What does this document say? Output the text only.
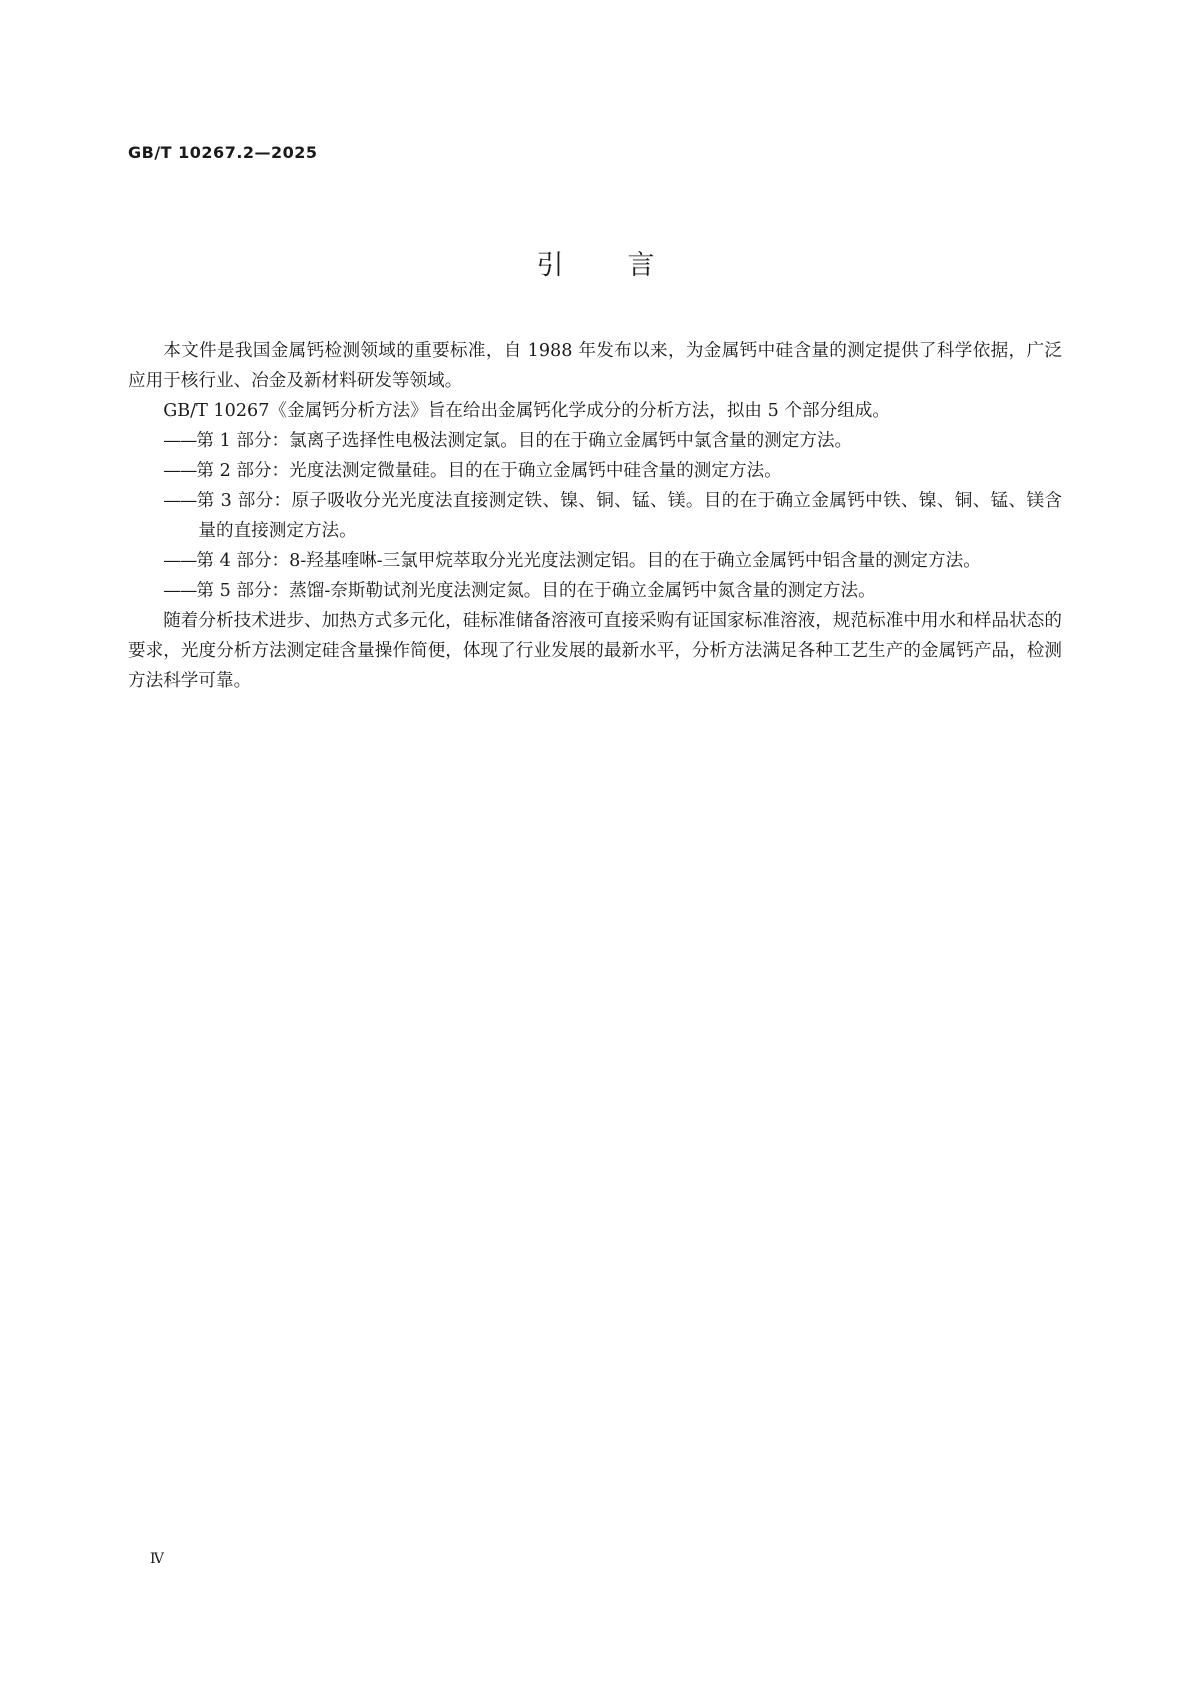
GB/T 10267.2—2025
引言

本文件是我国金属钙检测领域的重要标准，自 1988 年发布以来，为金属钙中硅含量的测定提供了科学依据，广泛应用于核行业、冶金及新材料研发等领域。

GB/T 10267《金属钙分析方法》旨在给出金属钙化学成分的分析方法，拟由 5 个部分组成。

——第 1 部分：氯离子选择性电极法测定氯。目的在于确立金属钙中氯含量的测定方法。

——第 2 部分：光度法测定微量硅。目的在于确立金属钙中硅含量的测定方法。

——第 3 部分：原子吸收分光光度法直接测定铁、镍、铜、锰、镁。目的在于确立金属钙中铁、镍、铜、锰、镁含量的直接测定方法。

——第 4 部分：8-羟基喹啉-三氯甲烷萃取分光光度法测定铝。目的在于确立金属钙中铝含量的测定方法。

——第 5 部分：蒸馏-奈斯勒试剂光度法测定氮。目的在于确立金属钙中氮含量的测定方法。

随着分析技术进步、加热方式多元化，硅标准储备溶液可直接采购有证国家标准溶液，规范标准中用水和样品状态的要求，光度分析方法测定硅含量操作简便，体现了行业发展的最新水平，分析方法满足各种工艺生产的金属钙产品，检测方法科学可靠。

Ⅳ
